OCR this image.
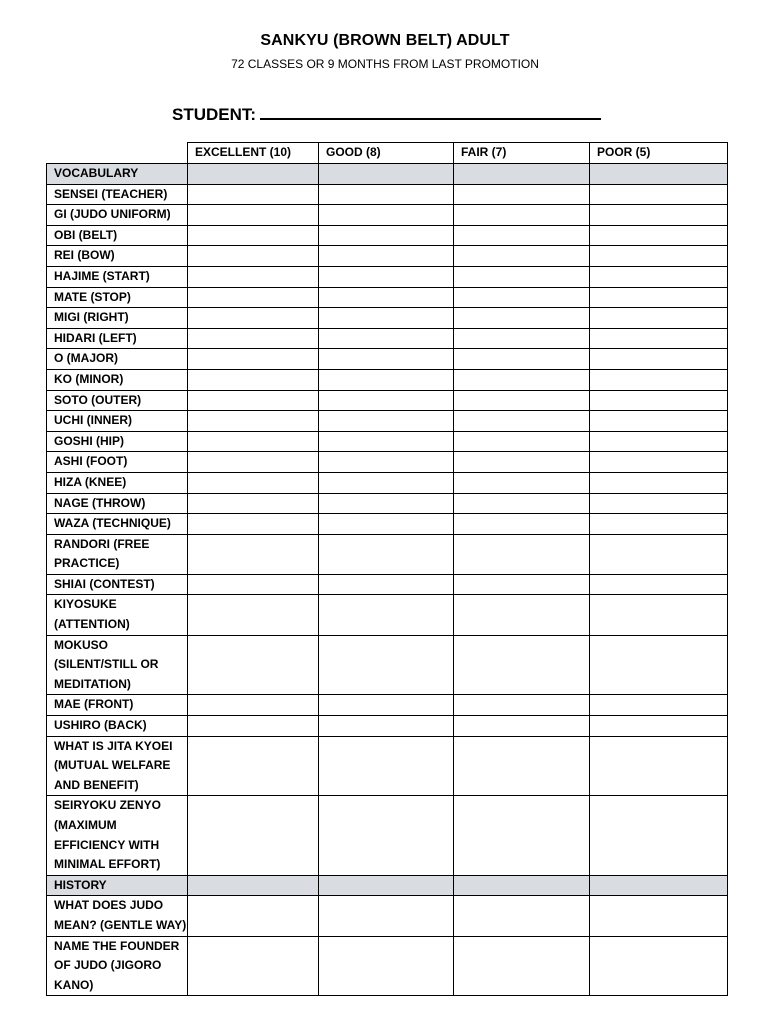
SANKYU (BROWN BELT) ADULT
72 CLASSES OR 9 MONTHS FROM LAST PROMOTION
STUDENT:
	EXCELLENT (10)	GOOD (8)	FAIR (7)	POOR (5)
VOCABULARY				
SENSEI (TEACHER)				
GI (JUDO UNIFORM)				
OBI (BELT)				
REI (BOW)				
HAJIME (START)				
MATE (STOP)				
MIGI (RIGHT)				
HIDARI (LEFT)				
O (MAJOR)				
KO (MINOR)				
SOTO (OUTER)				
UCHI (INNER)				
GOSHI (HIP)				
ASHI (FOOT)				
HIZA (KNEE)				
NAGE (THROW)				
WAZA (TECHNIQUE)				
RANDORI (FREE PRACTICE)				
SHIAI (CONTEST)				
KIYOSUKE (ATTENTION)				
MOKUSO (SILENT/STILL OR MEDITATION)				
MAE (FRONT)				
USHIRO (BACK)				
WHAT IS JITA KYOEI (MUTUAL WELFARE AND BENEFIT)				
SEIRYOKU ZENYO (MAXIMUM EFFICIENCY WITH MINIMAL EFFORT)				
HISTORY				
WHAT DOES JUDO MEAN? (GENTLE WAY)				
NAME THE FOUNDER OF JUDO (JIGORO KANO)				
